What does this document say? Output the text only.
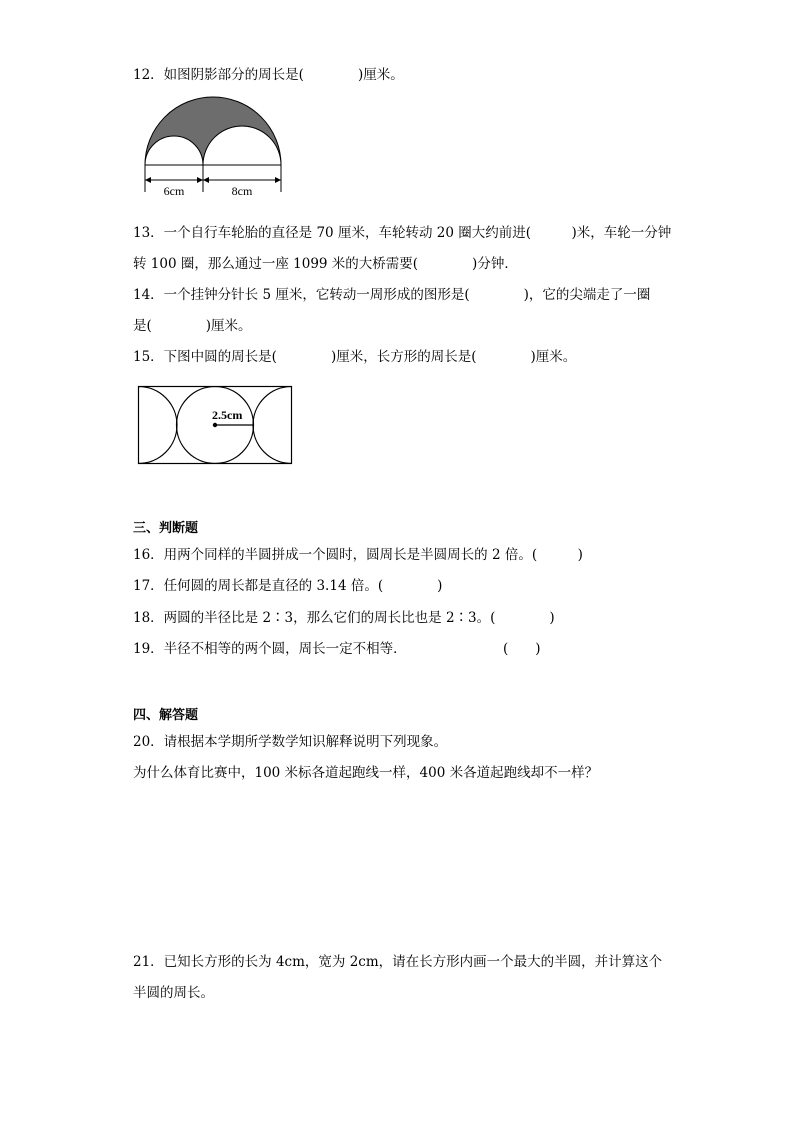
12．如图阴影部分的周长是(　　　　)厘米。
6cm	8cm
13．一个自行车轮胎的直径是 70 厘米，车轮转动 20 圈大约前进(　　　)米，车轮一分钟
转 100 圈，那么通过一座 1099 米的大桥需要(　　　　)分钟．
14．一个挂钟分针长 5 厘米，它转动一周形成的图形是(　　　　)，它的尖端走了一圈
是(　　　　)厘米。
15．下图中圆的周长是(　　　　)厘米，长方形的周长是(　　　　)厘米。
2.5cm
三、判断题
16．用两个同样的半圆拼成一个圆时，圆周长是半圆周长的 2 倍。(　　　)
17．任何圆的周长都是直径的 3.14 倍。(　　　　)
18．两圆的半径比是 2∶3，那么它们的周长比也是 2∶3。(　　　　)
19．半径不相等的两个圆，周长一定不相等．	(　　)
四、解答题
20．请根据本学期所学数学知识解释说明下列现象。
为什么体育比赛中，100 米标各道起跑线一样，400 米各道起跑线却不一样？
21．已知长方形的长为 4cm，宽为 2cm，请在长方形内画一个最大的半圆，并计算这个
半圆的周长。
